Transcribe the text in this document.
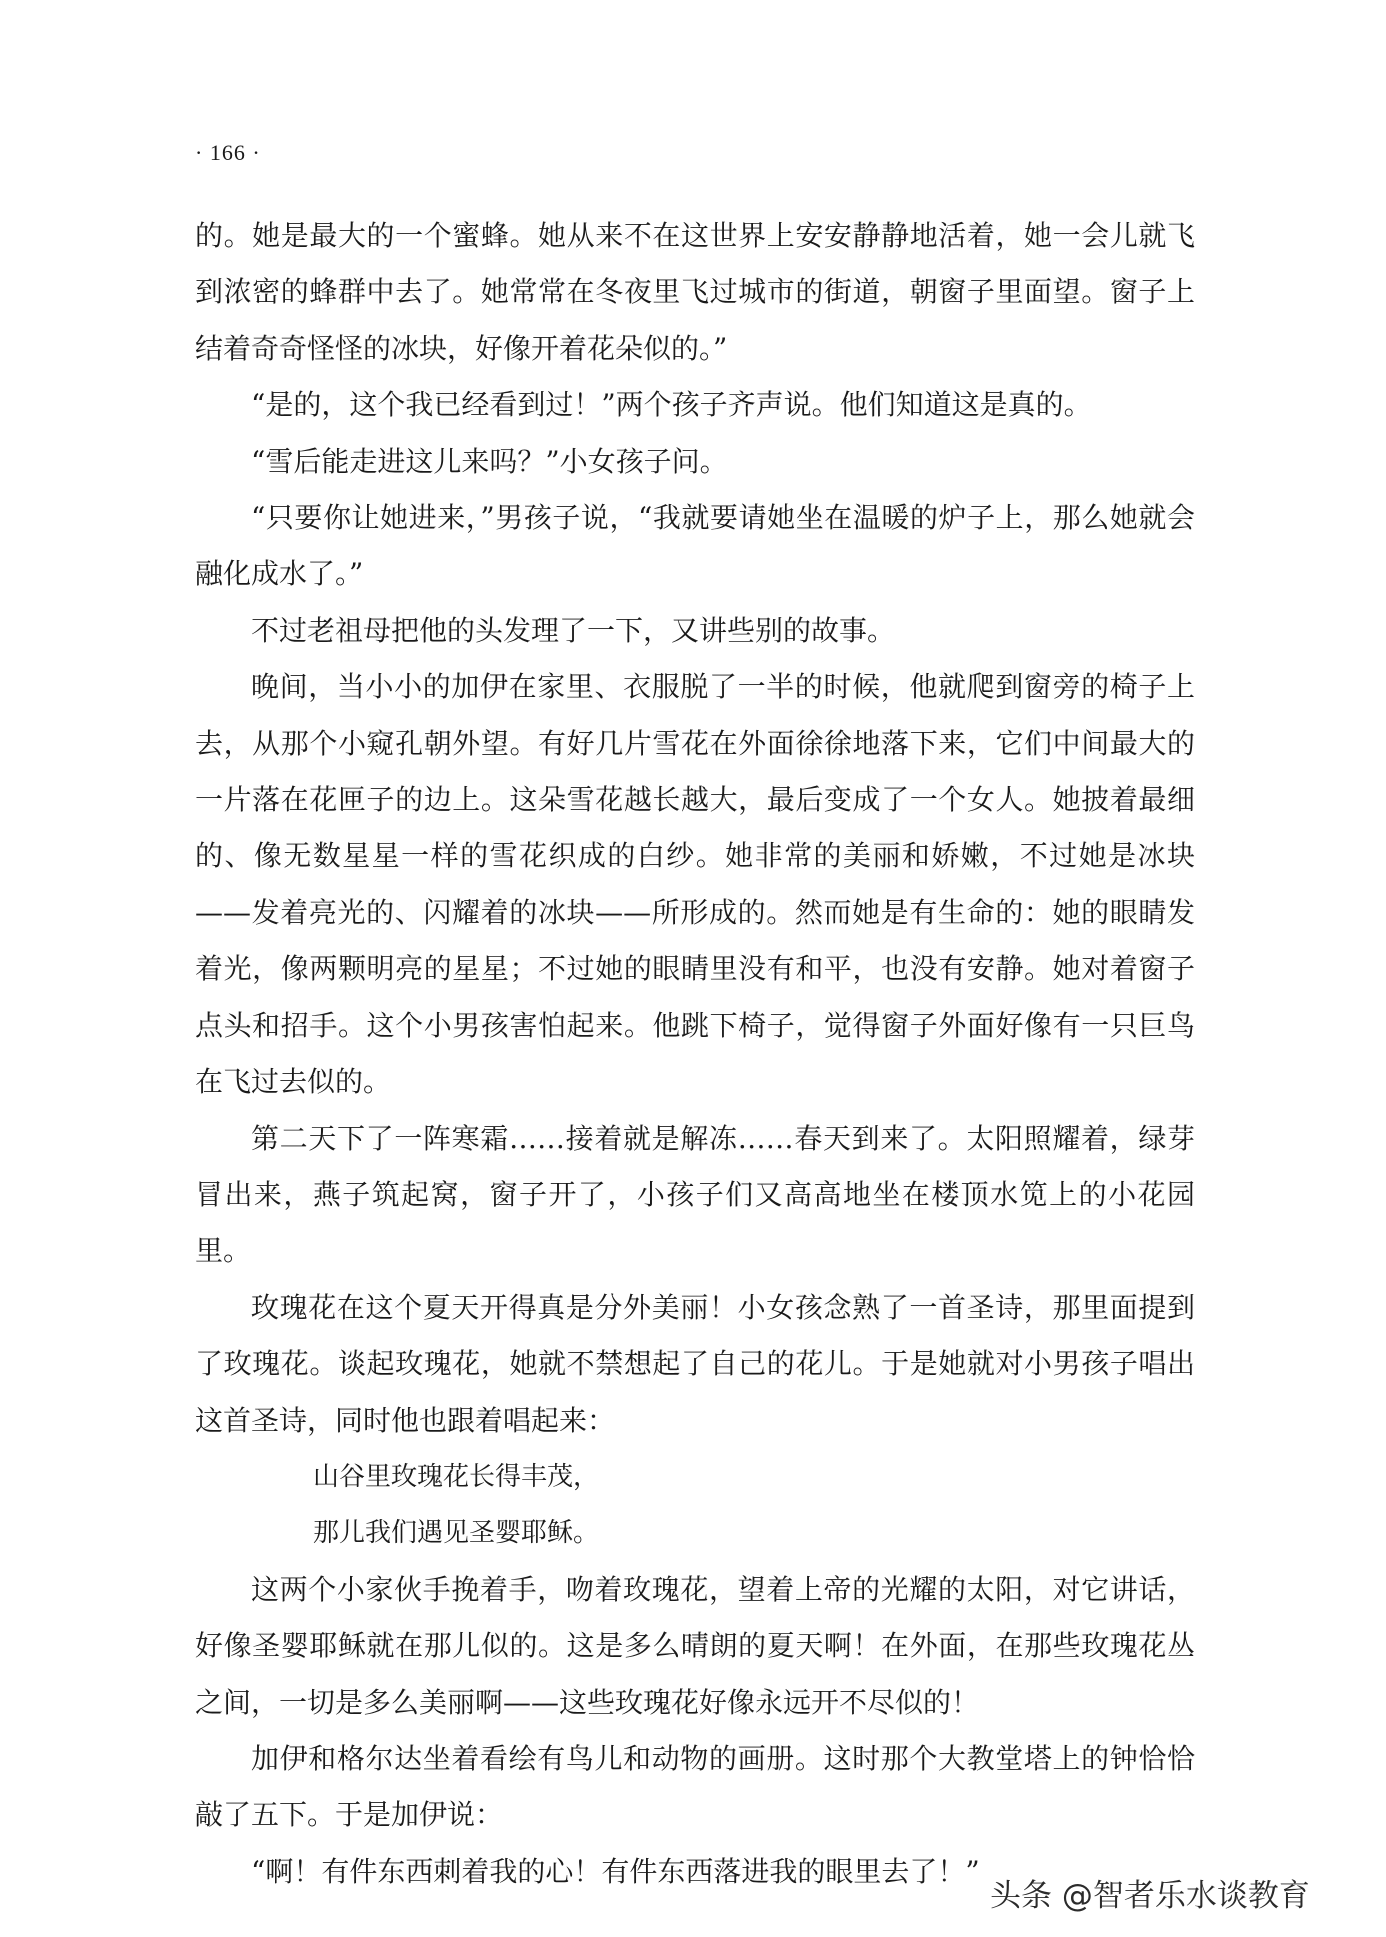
· 166 ·

的。她是最大的一个蜜蜂。她从来不在这世界上安安静静地活着，她一会儿就飞到浓密的蜂群中去了。她常常在冬夜里飞过城市的街道，朝窗子里面望。窗子上结着奇奇怪怪的冰块，好像开着花朵似的。”

“是的，这个我已经看到过！”两个孩子齐声说。他们知道这是真的。

“雪后能走进这儿来吗？”小女孩子问。

“只要你让她进来，”男孩子说，“我就要请她坐在温暖的炉子上，那么她就会融化成水了。”

不过老祖母把他的头发理了一下，又讲些别的故事。

晚间，当小小的加伊在家里、衣服脱了一半的时候，他就爬到窗旁的椅子上去，从那个小窥孔朝外望。有好几片雪花在外面徐徐地落下来，它们中间最大的一片落在花匣子的边上。这朵雪花越长越大，最后变成了一个女人。她披着最细的、像无数星星一样的雪花织成的白纱。她非常的美丽和娇嫩，不过她是冰块——发着亮光的、闪耀着的冰块——所形成的。然而她是有生命的：她的眼睛发着光，像两颗明亮的星星；不过她的眼睛里没有和平，也没有安静。她对着窗子点头和招手。这个小男孩害怕起来。他跳下椅子，觉得窗子外面好像有一只巨鸟在飞过去似的。

第二天下了一阵寒霜……接着就是解冻……春天到来了。太阳照耀着，绿芽冒出来，燕子筑起窝，窗子开了，小孩子们又高高地坐在楼顶水笕上的小花园里。

玫瑰花在这个夏天开得真是分外美丽！小女孩念熟了一首圣诗，那里面提到了玫瑰花。谈起玫瑰花，她就不禁想起了自己的花儿。于是她就对小男孩子唱出这首圣诗，同时他也跟着唱起来：

山谷里玫瑰花长得丰茂，

那儿我们遇见圣婴耶稣。

这两个小家伙手挽着手，吻着玫瑰花，望着上帝的光耀的太阳，对它讲话，好像圣婴耶稣就在那儿似的。这是多么晴朗的夏天啊！在外面，在那些玫瑰花丛之间，一切是多么美丽啊——这些玫瑰花好像永远开不尽似的！

加伊和格尔达坐着看绘有鸟儿和动物的画册。这时那个大教堂塔上的钟恰恰敲了五下。于是加伊说：

“啊！有件东西刺着我的心！有件东西落进我的眼里去了！”

头条 @智者乐水谈教育
